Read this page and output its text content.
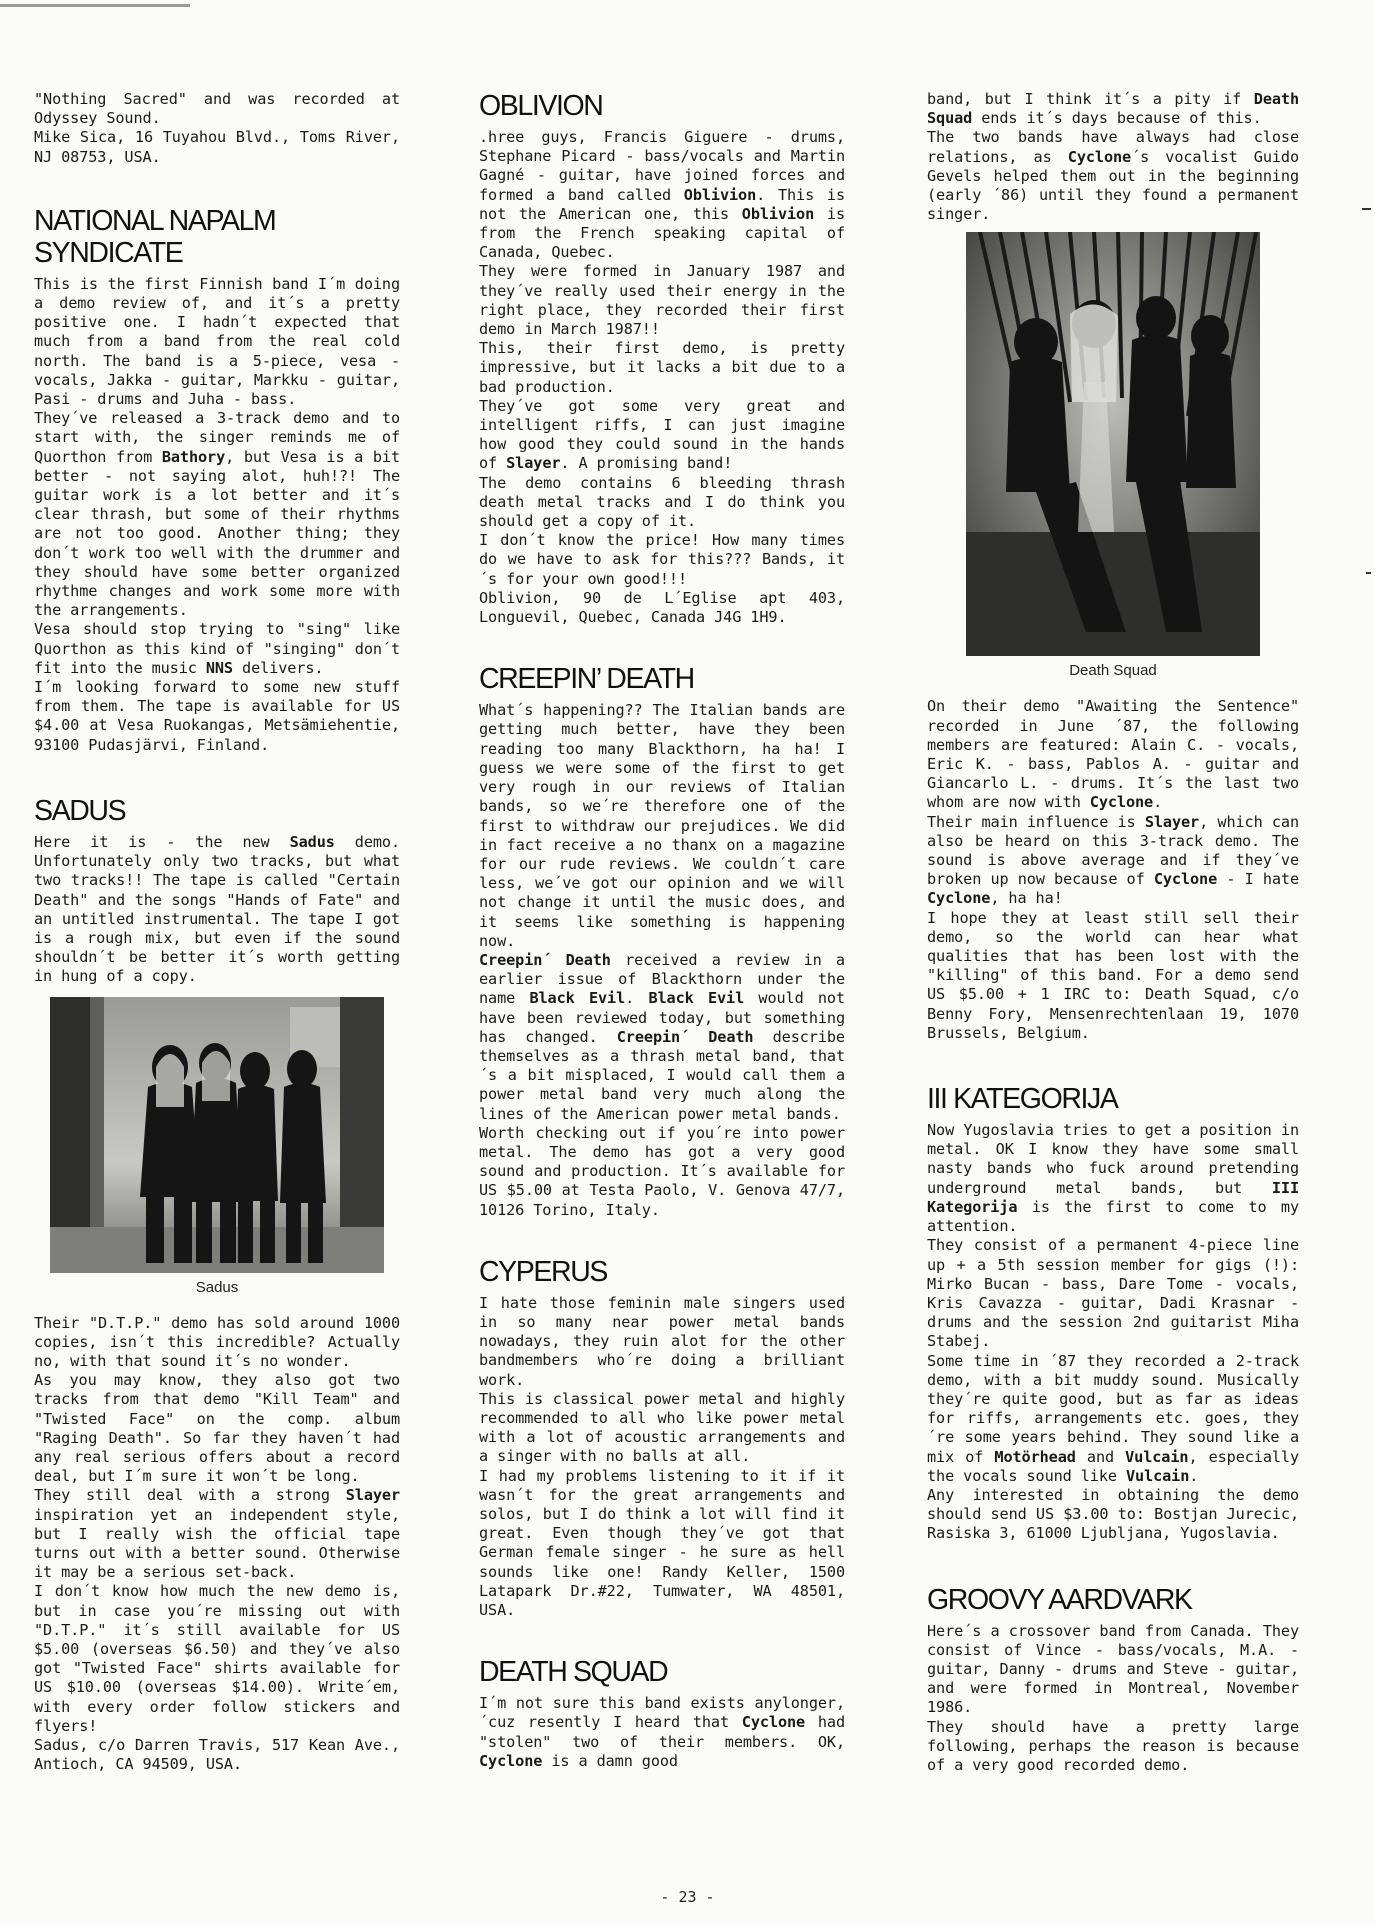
"Nothing Sacred" and was recorded at Odyssey Sound.
Mike Sica, 16 Tuyahou Blvd., Toms River, NJ 08753, USA.

NATIONAL NAPALM SYNDICATE

This is the first Finnish band I´m doing a demo review of, and it´s a pretty positive one. I hadn´t expected that much from a band from the real cold north. The band is a 5-piece, vesa - vocals, Jakka - guitar, Markku - guitar, Pasi - drums and Juha - bass.

They´ve released a 3-track demo and to start with, the singer reminds me of Quorthon from Bathory, but Vesa is a bit better - not saying alot, huh!?! The guitar work is a lot better and it´s clear thrash, but some of their rhythms are not too good. Another thing; they don´t work too well with the drummer and they should have some better organized rhythme changes and work some more with the arrangements.

Vesa should stop trying to "sing" like Quorthon as this kind of "singing" don´t fit into the music NNS delivers.

I´m looking forward to some new stuff from them. The tape is available for US $4.00 at Vesa Ruokangas, Metsämiehentie, 93100 Pudasjärvi, Finland.

SADUS

Here it is - the new Sadus demo. Unfortunately only two tracks, but what two tracks!! The tape is called "Certain Death" and the songs "Hands of Fate" and an untitled instrumental. The tape I got is a rough mix, but even if the sound shouldn´t be better it´s worth getting in hung of a copy.

Sadus

Their "D.T.P." demo has sold around 1000 copies, isn´t this incredible? Actually no, with that sound it´s no wonder.

As you may know, they also got two tracks from that demo "Kill Team" and "Twisted Face" on the comp. album "Raging Death". So far they haven´t had any real serious offers about a record deal, but I´m sure it won´t be long.

They still deal with a strong Slayer inspiration yet an independent style, but I really wish the official tape turns out with a better sound. Otherwise it may be a serious set-back.

I don´t know how much the new demo is, but in case you´re missing out with "D.T.P." it´s still available for US $5.00 (overseas $6.50) and they´ve also got "Twisted Face" shirts available for US $10.00 (overseas $14.00). Write´em, with every order follow stickers and flyers!

Sadus, c/o Darren Travis, 517 Kean Ave., Antioch, CA 94509, USA.

OBLIVION

.hree guys, Francis Giguere - drums, Stephane Picard - bass/vocals and Martin Gagné - guitar, have joined forces and formed a band called Oblivion. This is not the American one, this Oblivion is from the French speaking capital of Canada, Quebec.

They were formed in January 1987 and they´ve really used their energy in the right place, they recorded their first demo in March 1987!!

This, their first demo, is pretty impressive, but it lacks a bit due to a bad production.

They´ve got some very great and intelligent riffs, I can just imagine how good they could sound in the hands of Slayer. A promising band!

The demo contains 6 bleeding thrash death metal tracks and I do think you should get a copy of it.

I don´t know the price! How many times do we have to ask for this??? Bands, it´s for your own good!!!

Oblivion, 90 de L´Eglise apt 403, Longuevil, Quebec, Canada J4G 1H9.

CREEPIN’ DEATH

What´s happening?? The Italian bands are getting much better, have they been reading too many Blackthorn, ha ha! I guess we were some of the first to get very rough in our reviews of Italian bands, so we´re therefore one of the first to withdraw our prejudices. We did in fact receive a no thanx on a magazine for our rude reviews. We couldn´t care less, we´ve got our opinion and we will not change it until the music does, and it seems like something is happening now.

Creepin´ Death received a review in a earlier issue of Blackthorn under the name Black Evil. Black Evil would not have been reviewed today, but something has changed. Creepin´ Death describe themselves as a thrash metal band, that´s a bit misplaced, I would call them a power metal band very much along the lines of the American power metal bands.

Worth checking out if you´re into power metal. The demo has got a very good sound and production. It´s available for US $5.00 at Testa Paolo, V. Genova 47/7, 10126 Torino, Italy.

CYPERUS

I hate those feminin male singers used in so many near power metal bands nowadays, they ruin alot for the other bandmembers who´re doing a brilliant work.

This is classical power metal and highly recommended to all who like power metal with a lot of acoustic arrangements and a singer with no balls at all.

I had my problems listening to it if it wasn´t for the great arrangements and solos, but I do think a lot will find it great. Even though they´ve got that German female singer - he sure as hell sounds like one! Randy Keller, 1500 Latapark Dr.#22, Tumwater, WA 48501, USA.

DEATH SQUAD

I´m not sure this band exists anylonger, ´cuz resently I heard that Cyclone had "stolen" two of their members. OK, Cyclone is a damn good

band, but I think it´s a pity if Death Squad ends it´s days because of this.

The two bands have always had close relations, as Cyclone´s vocalist Guido Gevels helped them out in the beginning (early ´86) until they found a permanent singer.

Death Squad

On their demo "Awaiting the Sentence" recorded in June ´87, the following members are featured: Alain C. - vocals, Eric K. - bass, Pablos A. - guitar and Giancarlo L. - drums. It´s the last two whom are now with Cyclone.

Their main influence is Slayer, which can also be heard on this 3-track demo. The sound is above average and if they´ve broken up now because of Cyclone - I hate Cyclone, ha ha!

I hope they at least still sell their demo, so the world can hear what qualities that has been lost with the "killing" of this band. For a demo send US $5.00 + 1 IRC to: Death Squad, c/o Benny Fory, Mensenrechtenlaan 19, 1070 Brussels, Belgium.

III KATEGORIJA

Now Yugoslavia tries to get a position in metal. OK I know they have some small nasty bands who fuck around pretending underground metal bands, but III Kategorija is the first to come to my attention.

They consist of a permanent 4-piece line up + a 5th session member for gigs (!): Mirko Bucan - bass, Dare Tome - vocals, Kris Cavazza - guitar, Dadi Krasnar - drums and the session 2nd guitarist Miha Stabej.

Some time in ´87 they recorded a 2-track demo, with a bit muddy sound. Musically they´re quite good, but as far as ideas for riffs, arrangements etc. goes, they´re some years behind. They sound like a mix of Motörhead and Vulcain, especially the vocals sound like Vulcain.

Any interested in obtaining the demo should send US $3.00 to: Bostjan Jurecic, Rasiska 3, 61000 Ljubljana, Yugoslavia.

GROOVY AARDVARK

Here´s a crossover band from Canada. They consist of Vince - bass/vocals, M.A. - guitar, Danny - drums and Steve - guitar, and were formed in Montreal, November 1986.

They should have a pretty large following, perhaps the reason is because of a very good recorded demo.

- 23 -
